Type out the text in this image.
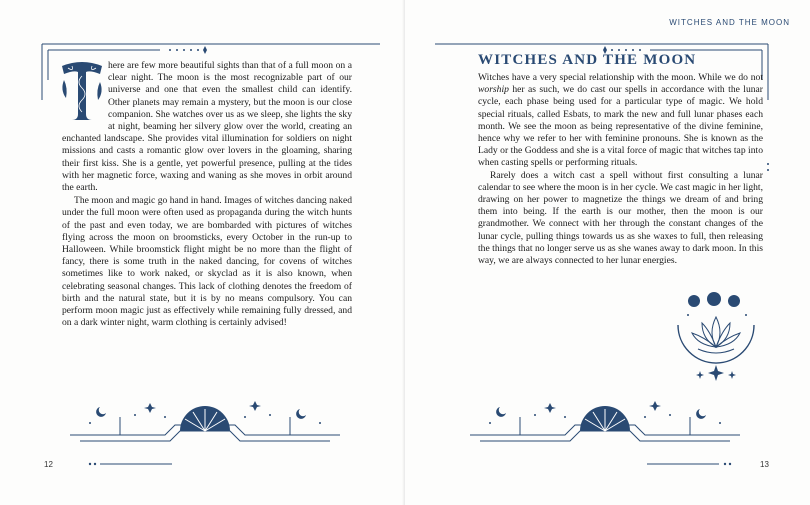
here are few more beautiful sights than that of a full moon on a clear night. The moon is the most recognizable part of our universe and one that even the smallest child can identify. Other planets may remain a mystery, but the moon is our close companion. She watches over us as we sleep, she lights the sky at night, beaming her silvery glow over the world, creating an enchanted landscape. She provides vital illumination for soldiers on night missions and casts a romantic glow over lovers in the gloaming, sharing their first kiss. She is a gentle, yet powerful presence, pulling at the tides with her magnetic force, waxing and waning as she moves in orbit around the earth.

The moon and magic go hand in hand. Images of witches dancing naked under the full moon were often used as propaganda during the witch hunts of the past and even today, we are bombarded with pictures of witches flying across the moon on broomsticks, every October in the run-up to Halloween. While broomstick flight might be no more than the flight of fancy, there is some truth in the naked dancing, for covens of witches sometimes like to work naked, or skyclad as it is also known, when celebrating seasonal changes. This lack of clothing denotes the freedom of birth and the natural state, but it is by no means compulsory. You can perform moon magic just as effectively while remaining fully dressed, and on a dark winter night, warm clothing is certainly advised!

12
WITCHES AND THE MOON
WITCHES AND THE MOON

Witches have a very special relationship with the moon. While we do not worship her as such, we do cast our spells in accordance with the lunar cycle, each phase being used for a particular type of magic. We hold special rituals, called Esbats, to mark the new and full lunar phases each month. We see the moon as being representative of the divine feminine, hence why we refer to her with feminine pronouns. She is known as the Lady or the Goddess and she is a vital force of magic that witches tap into when casting spells or performing rituals.

Rarely does a witch cast a spell without first consulting a lunar calendar to see where the moon is in her cycle. We cast magic in her light, drawing on her power to magnetize the things we dream of and bring them into being. If the earth is our mother, then the moon is our grandmother. We connect with her through the constant changes of the lunar cycle, pulling things towards us as she waxes to full, then releasing the things that no longer serve us as she wanes away to dark moon. In this way, we are always connected to her lunar energies.

13
